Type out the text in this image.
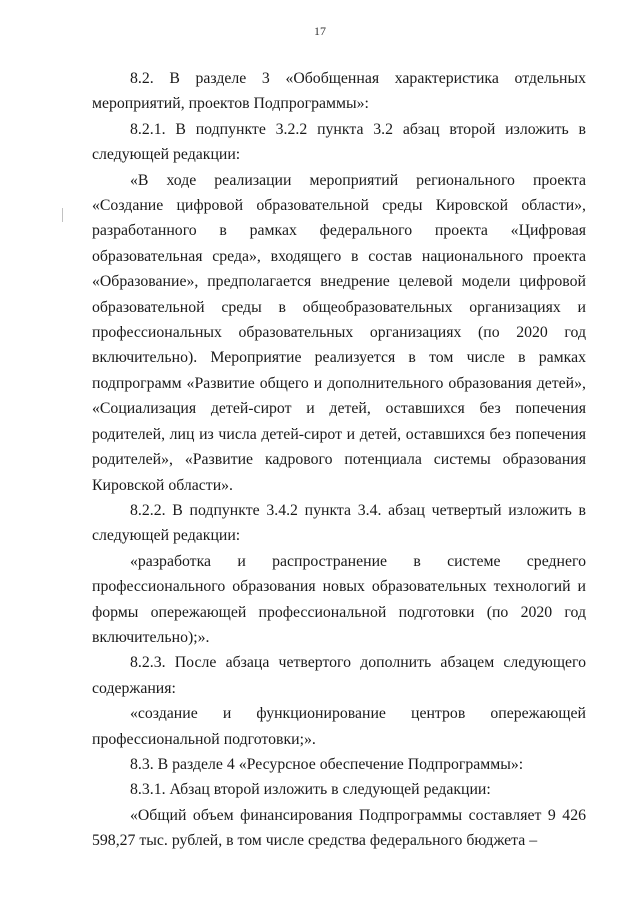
17

8.2. В разделе 3 «Обобщенная характеристика отдельных мероприятий, проектов Подпрограммы»:

8.2.1. В подпункте 3.2.2 пункта 3.2 абзац второй изложить в следующей редакции:

«В ходе реализации мероприятий регионального проекта «Создание цифровой образовательной среды Кировской области», разработанного в рамках федерального проекта «Цифровая образовательная среда», входящего в состав национального проекта «Образование», предполагается внедрение целевой модели цифровой образовательной среды в общеобразовательных организациях и профессиональных образовательных организациях (по 2020 год включительно). Мероприятие реализуется в том числе в рамках подпрограмм «Развитие общего и дополнительного образования детей», «Социализация детей-сирот и детей, оставшихся без попечения родителей, лиц из числа детей-сирот и детей, оставшихся без попечения родителей», «Развитие кадрового потенциала системы образования Кировской области».

8.2.2. В подпункте 3.4.2 пункта 3.4. абзац четвертый изложить в следующей редакции:

«разработка и распространение в системе среднего профессионального образования новых образовательных технологий и формы опережающей профессиональной подготовки (по 2020 год включительно);».

8.2.3. После абзаца четвертого дополнить абзацем следующего содержания:

«создание и функционирование центров опережающей профессиональной подготовки;».

8.3. В разделе 4 «Ресурсное обеспечение Подпрограммы»:

8.3.1. Абзац второй изложить в следующей редакции:

«Общий объем финансирования Подпрограммы составляет 9 426 598,27 тыс. рублей, в том числе средства федерального бюджета –
